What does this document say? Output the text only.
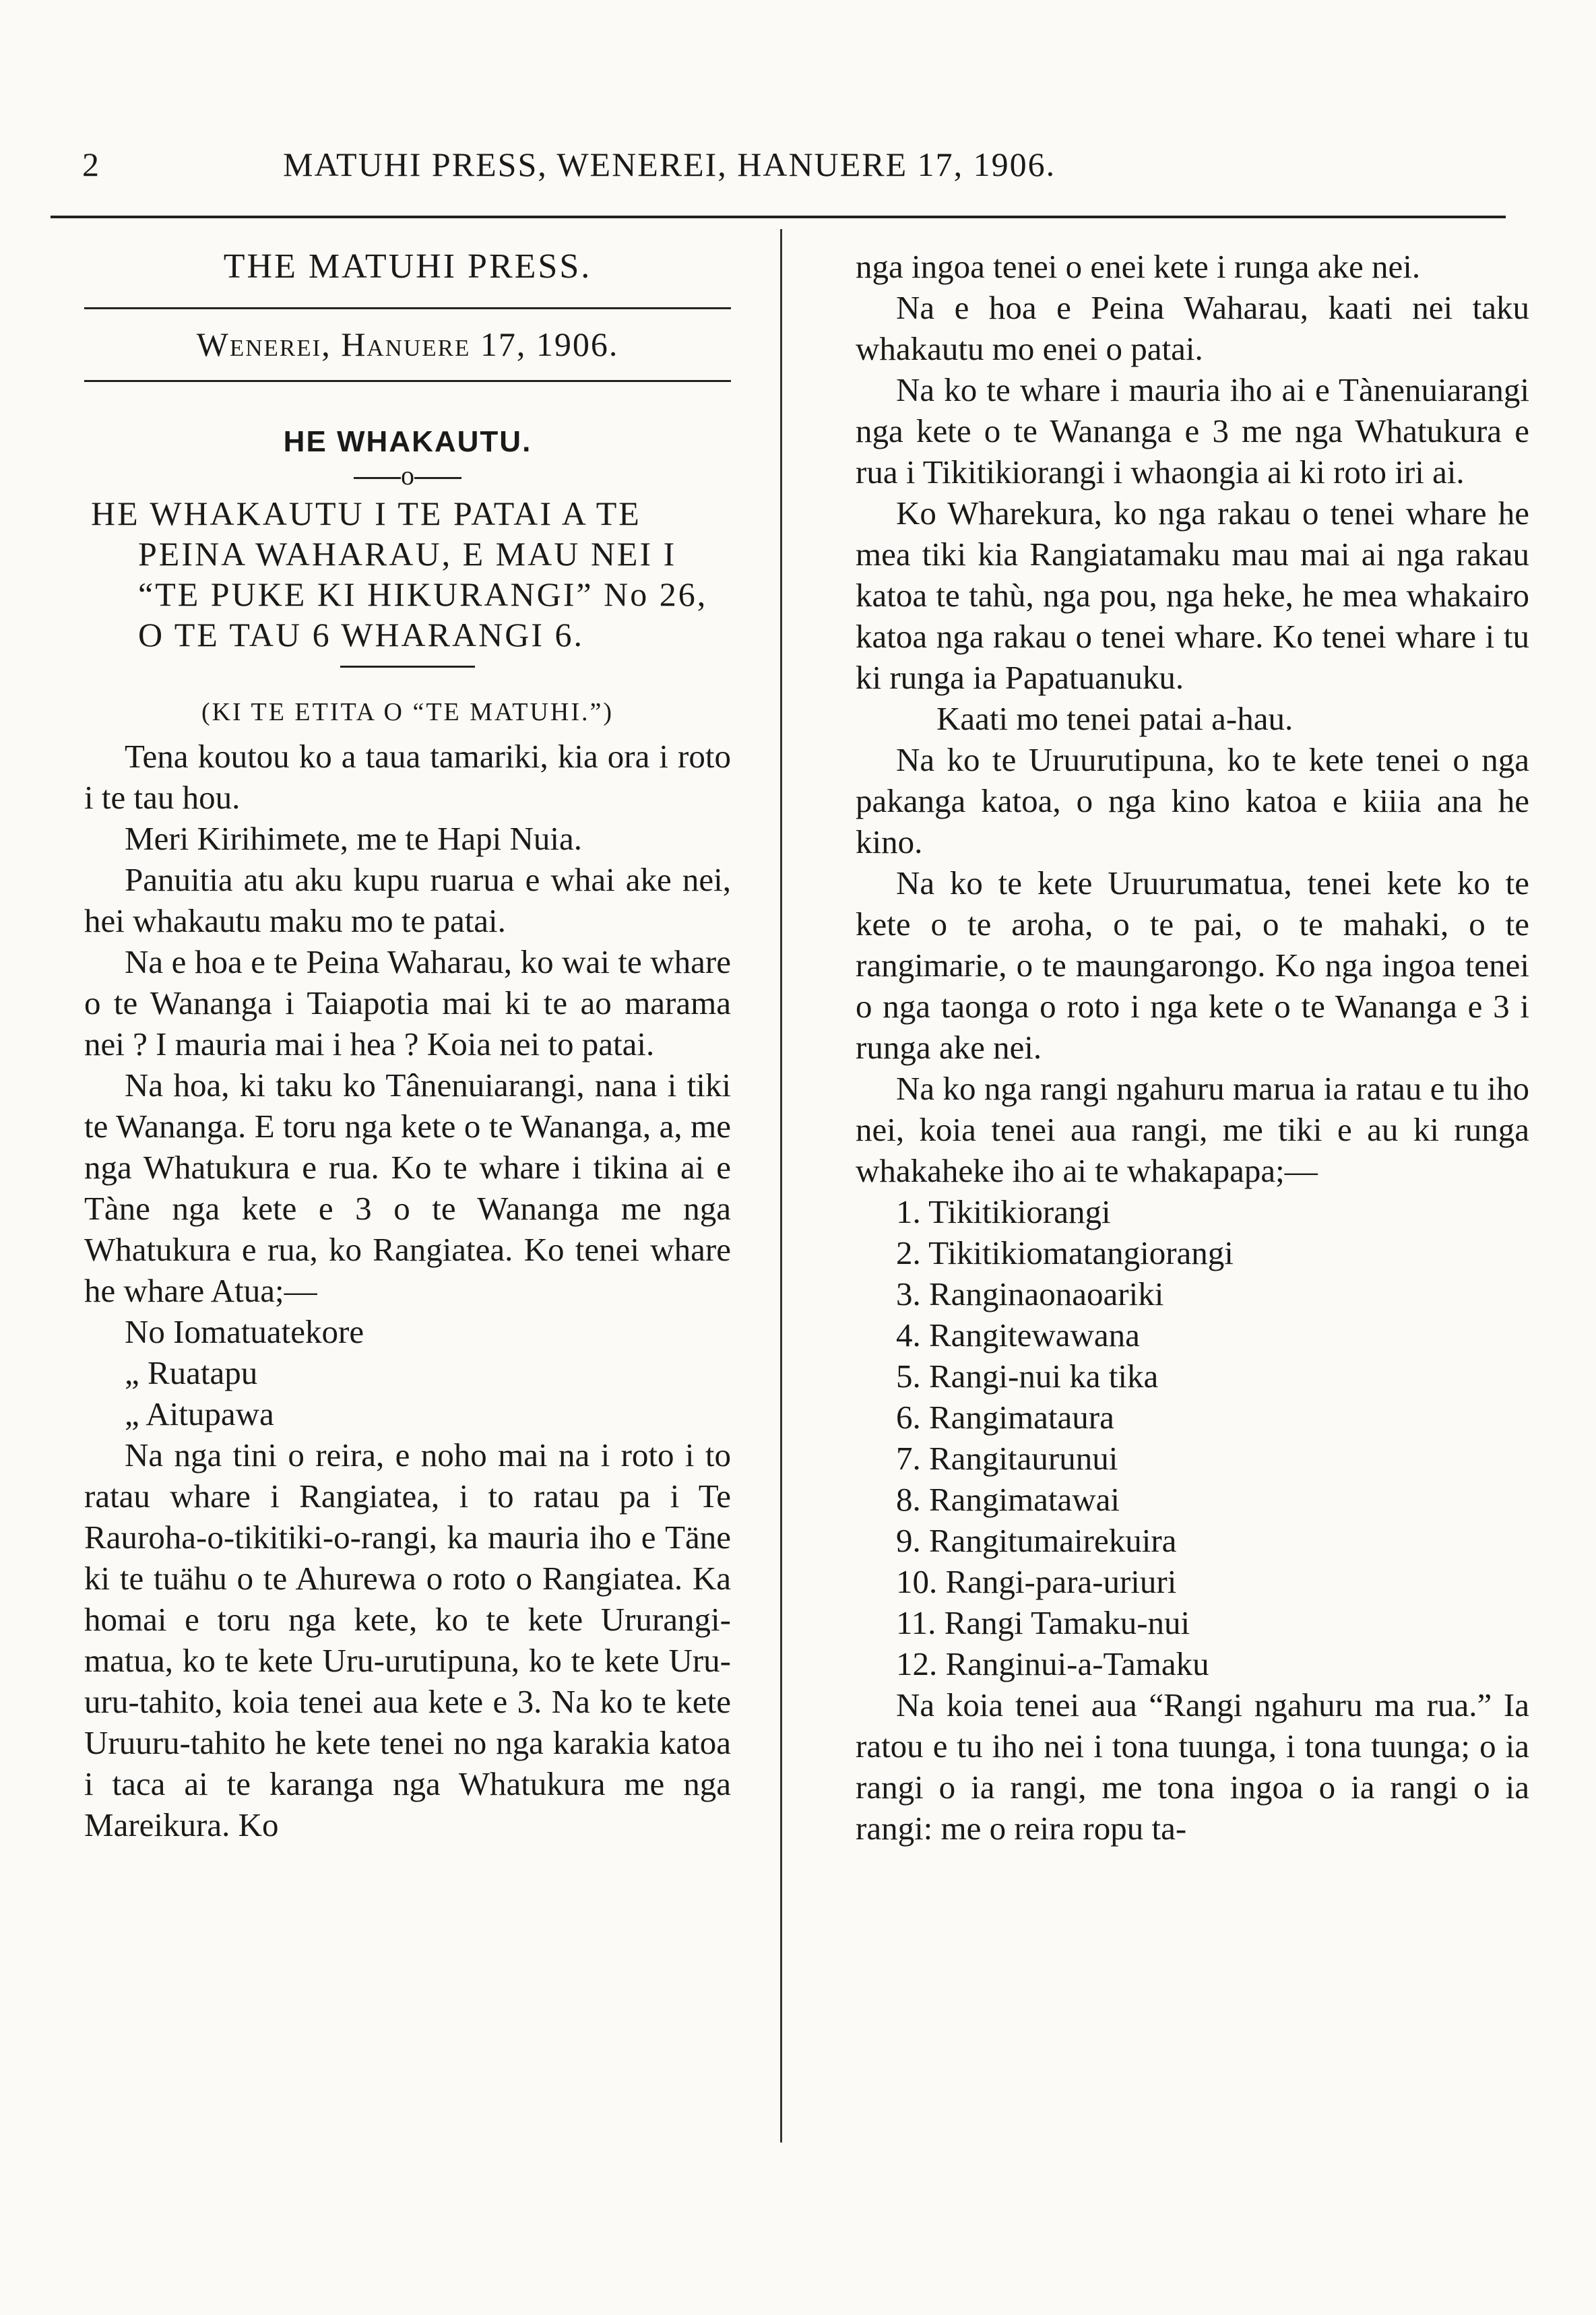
2	MATUHI PRESS, WENEREI, HANUERE 17, 1906.
THE MATUHI PRESS.
Wenerei, Hanuere 17, 1906.
HE WHAKAUTU.
o
HE WHAKAUTU I TE PATAI A TE PEINA WAHARAU, E MAU NEI I “TE PUKE KI HIKURANGI” No 26, O TE TAU 6 WHARANGI 6.
(KI TE ETITA O “TE MATUHI.”)

Tena koutou ko a taua tamariki, kia ora i roto i te tau hou.

Meri Kirihimete, me te Hapi Nuia.

Panuitia atu aku kupu ruarua e whai ake nei, hei whakautu maku mo te patai.

Na e hoa e te Peina Waharau, ko wai te whare o te Wananga i Taiapotia mai ki te ao marama nei ? I mauria mai i hea ? Koia nei to patai.

Na hoa, ki taku ko Tânenuiarangi, nana i tiki te Wananga. E toru nga kete o te Wananga, a, me nga Whatukura e rua. Ko te whare i tikina ai e Tàne nga kete e 3 o te Wananga me nga Whatukura e rua, ko Rangiatea. Ko tenei whare he whare Atua;—

No Iomatuatekore
„ Ruatapu
„ Aitupawa

Na nga tini o reira, e noho mai na i roto i to ratau whare i Rangiatea, i to ratau pa i Te Rauroha-o-tikitiki-o-rangi, ka mauria iho e Täne ki te tuähu o te Ahurewa o roto o Rangiatea. Ka homai e toru nga kete, ko te kete Ururangi-matua, ko te kete Uru-urutipuna, ko te kete Uru-uru-tahito, koia tenei aua kete e 3. Na ko te kete Uruuru-tahito he kete tenei no nga karakia katoa i taca ai te karanga nga Whatukura me nga Mareikura. Ko

nga ingoa tenei o enei kete i runga ake nei.

Na e hoa e Peina Waharau, kaati nei taku whakautu mo enei o patai.

Na ko te whare i mauria iho ai e Tànenuiarangi nga kete o te Wananga e 3 me nga Whatukura e rua i Tikitikiorangi i whaongia ai ki roto iri ai.

Ko Wharekura, ko nga rakau o tenei whare he mea tiki kia Rangiatamaku mau mai ai nga rakau katoa te tahù, nga pou, nga heke, he mea whakairo katoa nga rakau o tenei whare. Ko tenei whare i tu ki runga ia Papatuanuku.

Kaati mo tenei patai a-hau.

Na ko te Uruurutipuna, ko te kete tenei o nga pakanga katoa, o nga kino katoa e kiiia ana he kino.

Na ko te kete Uruurumatua, tenei kete ko te kete o te aroha, o te pai, o te mahaki, o te rangimarie, o te maungarongo. Ko nga ingoa tenei o nga taonga o roto i nga kete o te Wananga e 3 i runga ake nei.

Na ko nga rangi ngahuru marua ia ratau e tu iho nei, koia tenei aua rangi, me tiki e au ki runga whakaheke iho ai te whakapapa;—

1. Tikitikiorangi
2. Tikitikiomatangiorangi
3. Ranginaonaoariki
4. Rangitewawana
5. Rangi-nui ka tika
6. Rangimataura
7. Rangitaurunui
8. Rangimatawai
9. Rangitumairekuira
10. Rangi-para-uriuri
11. Rangi Tamaku-nui
12. Ranginui-a-Tamaku

Na koia tenei aua “Rangi ngahuru ma rua.” Ia ratou e tu iho nei i tona tuunga, i tona tuunga; o ia rangi o ia rangi, me tona ingoa o ia rangi o ia rangi: me o reira ropu ta-
